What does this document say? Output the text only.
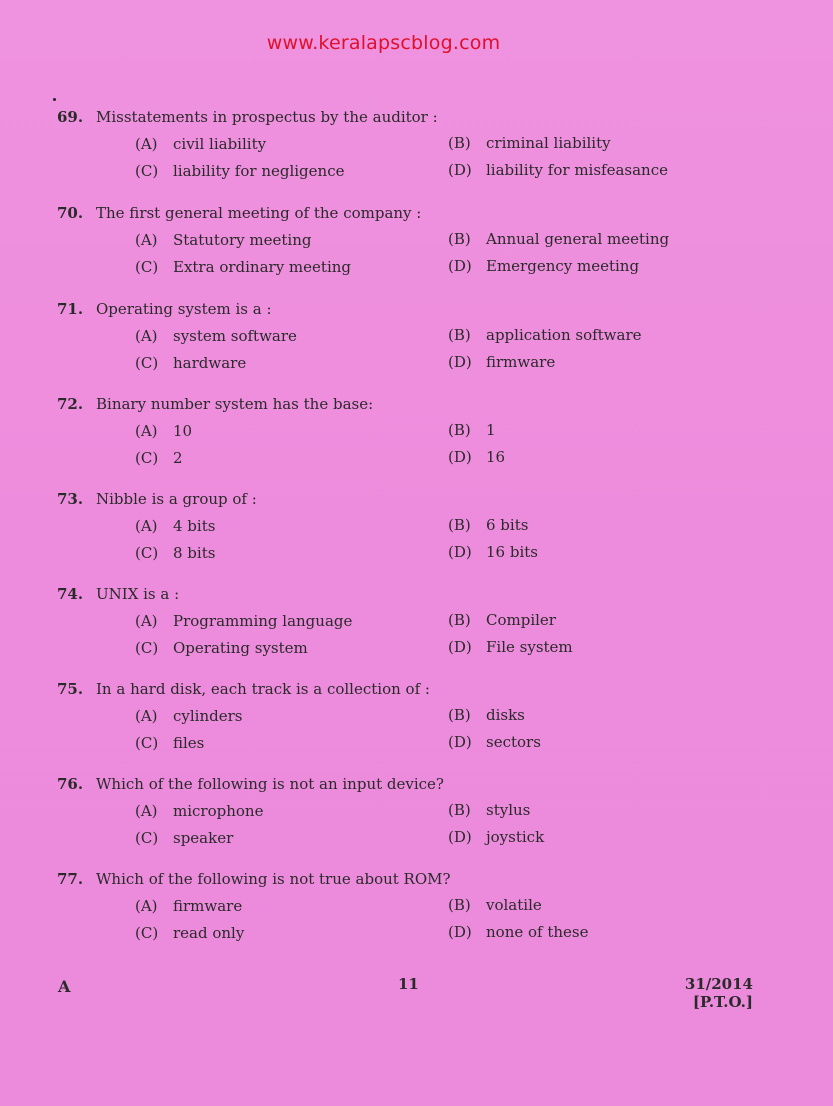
www.keralapscblog.com
69. Misstatements in prospectus by the auditor :
(A) civil liability	(B) criminal liability
(C) liability for negligence	(D) liability for misfeasance
70. The first general meeting of the company :
(A) Statutory meeting	(B) Annual general meeting
(C) Extra ordinary meeting	(D) Emergency meeting
71. Operating system is a :
(A) system software	(B) application software
(C) hardware	(D) firmware
72. Binary number system has the base:
(A) 10	(B) 1
(C) 2	(D) 16
73. Nibble is a group of :
(A) 4 bits	(B) 6 bits
(C) 8 bits	(D) 16 bits
74. UNIX is a :
(A) Programming language	(B) Compiler
(C) Operating system	(D) File system
75. In a hard disk, each track is a collection of :
(A) cylinders	(B) disks
(C) files	(D) sectors
76. Which of the following is not an input device?
(A) microphone	(B) stylus
(C) speaker	(D) joystick
77. Which of the following is not true about ROM?
(A) firmware	(B) volatile
(C) read only	(D) none of these
A	11	31/2014
[P.T.O.]
